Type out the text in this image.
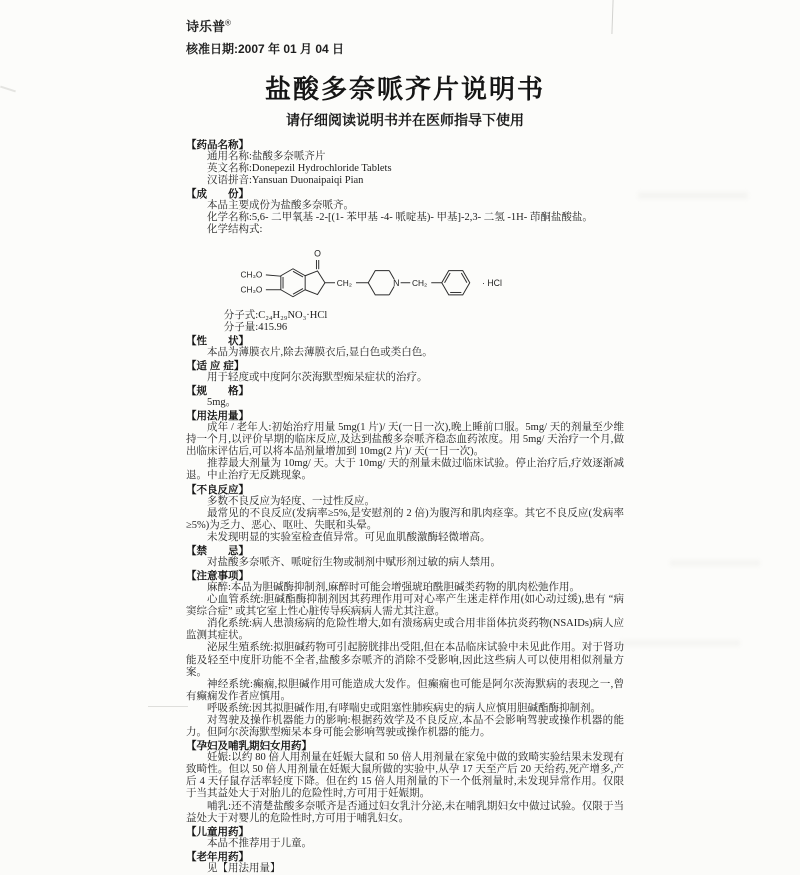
诗乐普®
核准日期:2007 年 01 月 04 日
盐酸多奈哌齐片说明书
请仔细阅读说明书并在医师指导下使用
【药品名称】

通用名称:盐酸多奈哌齐片

英文名称:Donepezil Hydrochloride Tablets

汉语拼音:Yansuan Duonaipaiqi Pian

【成　　份】

本品主要成份为盐酸多奈哌齐。

化学名称:5,6- 二甲氧基 -2-[(1- 苯甲基 -4- 哌啶基)- 甲基]-2,3- 二氢 -1H- 茚酮盐酸盐。

化学结构式:

CH₃O
CH₃O
O
CH₂	N CH₂	· HCl

分子式:C₂₄H₂₉NO₃·HCl

分子量:415.96

【性　　状】

本品为薄膜衣片,除去薄膜衣后,显白色或类白色。

【适 应 症】

用于轻度或中度阿尔茨海默型痴呆症状的治疗。

【规　　格】

5mg。

【用法用量】

成年 / 老年人:初始治疗用量 5mg(1 片)/ 天(一日一次),晚上睡前口服。5mg/ 天的剂量至少维持一个月,以评价早期的临床反应,及达到盐酸多奈哌齐稳态血药浓度。用 5mg/ 天治疗一个月,做出临床评估后,可以将本品剂量增加到 10mg(2 片)/ 天(一日一次)。

推荐最大剂量为 10mg/ 天。大于 10mg/ 天的剂量未做过临床试验。停止治疗后,疗效逐渐减退。中止治疗无反跳现象。

【不良反应】

多数不良反应为轻度、一过性反应。

最常见的不良反应(发病率≥5%,是安慰剂的 2 倍)为腹泻和肌肉痉挛。其它不良反应(发病率≥5%)为乏力、恶心、呕吐、失眠和头晕。

未发现明显的实验室检查值异常。可见血肌酸激酶轻微增高。

【禁　　忌】

对盐酸多奈哌齐、哌啶衍生物或制剂中赋形剂过敏的病人禁用。

【注意事项】

麻醉:本品为胆碱酶抑制剂,麻醉时可能会增强琥珀酰胆碱类药物的肌肉松弛作用。

心血管系统:胆碱酯酶抑制剂因其药理作用可对心率产生迷走样作用(如心动过缓),患有 “病窦综合症” 或其它室上性心脏传导疾病病人需尤其注意。

消化系统:病人患溃疡病的危险性增大,如有溃疡病史或合用非甾体抗炎药物(NSAIDs)病人应监测其症状。

泌尿生殖系统:拟胆碱药物可引起膀胱排出受阻,但在本品临床试验中未见此作用。对于肾功能及轻至中度肝功能不全者,盐酸多奈哌齐的消除不受影响,因此这些病人可以使用相似剂量方案。

神经系统:癫痫,拟胆碱作用可能造成大发作。但癫痫也可能是阿尔茨海默病的表现之一,曾有癫痫发作者应慎用。

呼吸系统:因其拟胆碱作用,有哮喘史或阻塞性肺疾病史的病人应慎用胆碱酯酶抑制剂。

对驾驶及操作机器能力的影响:根据药效学及不良反应,本品不会影响驾驶或操作机器的能力。但阿尔茨海默型痴呆本身可能会影响驾驶或操作机器的能力。

【孕妇及哺乳期妇女用药】

妊娠:以约 80 倍人用剂量在妊娠大鼠和 50 倍人用剂量在家兔中做的致畸实验结果未发现有致畸性。但以 50 倍人用剂量在妊娠大鼠所做的实验中,从孕 17 天至产后 20 天给药,死产增多,产后 4 天仔鼠存活率轻度下降。但在约 15 倍人用剂量的下一个低剂量时,未发现异常作用。仅限于当其益处大于对胎儿的危险性时,方可用于妊娠期。

哺乳:还不清楚盐酸多奈哌齐是否通过妇女乳汁分泌,未在哺乳期妇女中做过试验。仅限于当益处大于对婴儿的危险性时,方可用于哺乳妇女。

【儿童用药】

本品不推荐用于儿童。

【老年用药】

见【用法用量】
